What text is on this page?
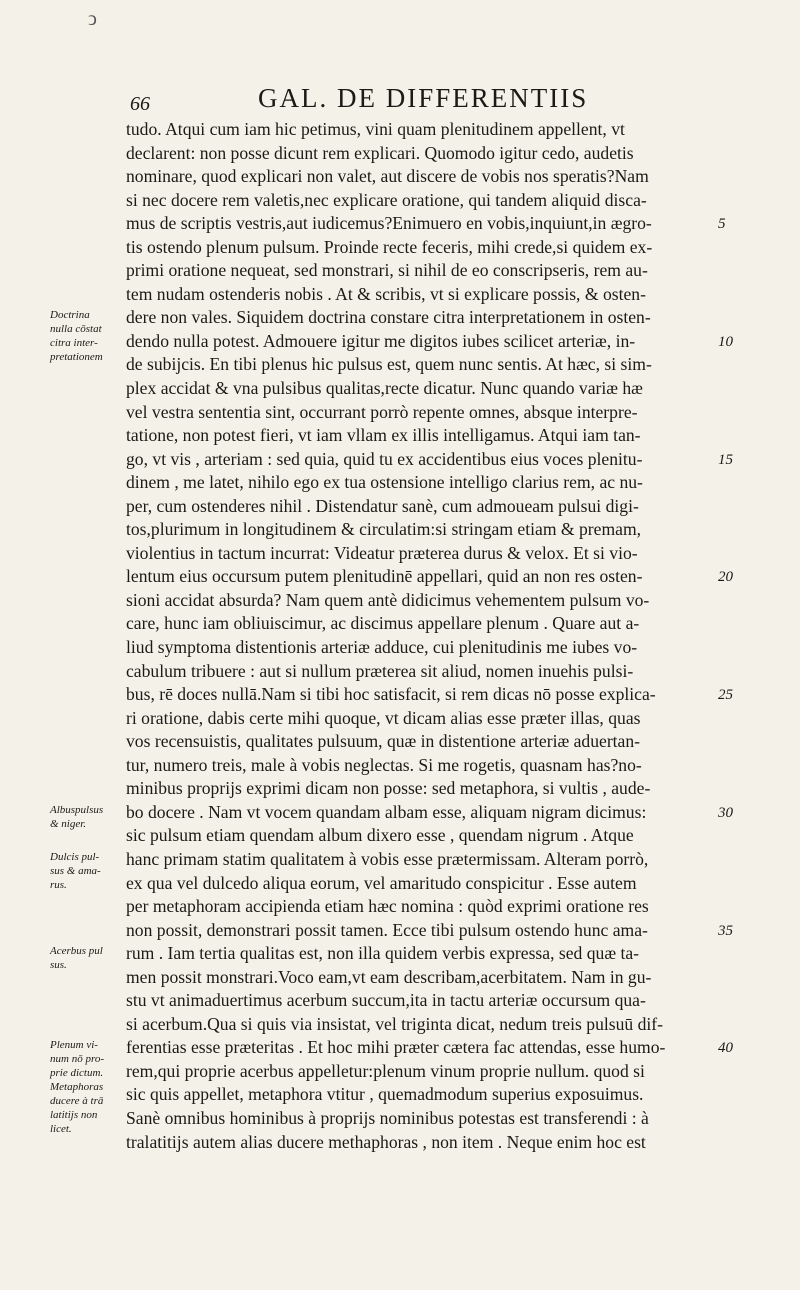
ↄ
66	GAL. DE DIFFERENTIIS
tudo. Atqui cum iam hic petimus, vini quam plenitudinem appellent, vt
declarent: non posse dicunt rem explicari. Quomodo igitur cedo, audetis
nominare, quod explicari non valet, aut discere de vobis nos speratis?Nam
si nec docere rem valetis,nec explicare oratione, qui tandem aliquid disca-
mus de scriptis vestris,aut iudicemus?Enimuero en vobis,inquiunt,in ægro-
tis ostendo plenum pulsum. Proinde recte feceris, mihi crede,si quidem ex-
primi oratione nequeat, sed monstrari, si nihil de eo conscripseris, rem au-
tem nudam ostenderis nobis . At & scribis, vt si explicare possis, & osten-
dere non vales. Siquidem doctrina constare citra interpretationem in osten-
dendo nulla potest. Admouere igitur me digitos iubes scilicet arteriæ, in-
de subijcis. En tibi plenus hic pulsus est, quem nunc sentis. At hæc, si sim-
plex accidat & vna pulsibus qualitas,recte dicatur. Nunc quando variæ hæ
vel vestra sententia sint, occurrant porrò repente omnes, absque interpre-
tatione, non potest fieri, vt iam vllam ex illis intelligamus. Atqui iam tan-
go, vt vis , arteriam : sed quia, quid tu ex accidentibus eius voces plenitu-
dinem , me latet, nihilo ego ex tua ostensione intelligo clarius rem, ac nu-
per, cum ostenderes nihil . Distendatur sanè, cum admoueam pulsui digi-
tos,plurimum in longitudinem & circulatim:si stringam etiam & premam,
violentius in tactum incurrat: Videatur præterea durus & velox. Et si vio-
lentum eius occursum putem plenitudinē appellari, quid an non res osten-
sioni accidat absurda? Nam quem antè didicimus vehementem pulsum vo-
care, hunc iam obliuiscimur, ac discimus appellare plenum . Quare aut a-
liud symptoma distentionis arteriæ adduce, cui plenitudinis me iubes vo-
cabulum tribuere : aut si nullum præterea sit aliud, nomen inuehis pulsi-
bus, rē doces nullā.Nam si tibi hoc satisfacit, si rem dicas nō posse explica-
ri oratione, dabis certe mihi quoque, vt dicam alias esse præter illas, quas
vos recensuistis, qualitates pulsuum, quæ in distentione arteriæ aduertan-
tur, numero treis, male à vobis neglectas. Si me rogetis, quasnam has?no-
minibus proprijs exprimi dicam non posse: sed metaphora, si vultis , aude-
bo docere . Nam vt vocem quandam albam esse, aliquam nigram dicimus:
sic pulsum etiam quendam album dixero esse , quendam nigrum . Atque
hanc primam statim qualitatem à vobis esse prætermissam. Alteram porrò,
ex qua vel dulcedo aliqua eorum, vel amaritudo conspicitur . Esse autem
per metaphoram accipienda etiam hæc nomina : quòd exprimi oratione res
non possit, demonstrari possit tamen. Ecce tibi pulsum ostendo hunc ama-
rum . Iam tertia qualitas est, non illa quidem verbis expressa, sed quæ ta-
men possit monstrari.Voco eam,vt eam describam,acerbitatem. Nam in gu-
stu vt animaduertimus acerbum succum,ita in tactu arteriæ occursum qua-
si acerbum.Qua si quis via insistat, vel triginta dicat, nedum treis pulsuū dif-
ferentias esse præteritas . Et hoc mihi præter cætera fac attendas, esse humo-
rem,qui proprie acerbus appelletur:plenum vinum proprie nullum. quod si
sic quis appellet, metaphora vtitur , quemadmodum superius exposuimus.
Sanè omnibus hominibus à proprijs nominibus potestas est transferendi : à
tralatitijs autem alias ducere methaphoras , non item . Neque enim hoc est
5
10
15
20
25
30
35
40
Doctrina
nulla cōstat
citra inter-
pretationem
Albuspulsus
& niger.
Dulcis pul-
sus & ama-
rus.
Acerbus pul
sus.
Plenum vi-
num nō pro-
prie dictum.
Metaphoras
ducere à trā
latitijs non
licet.
